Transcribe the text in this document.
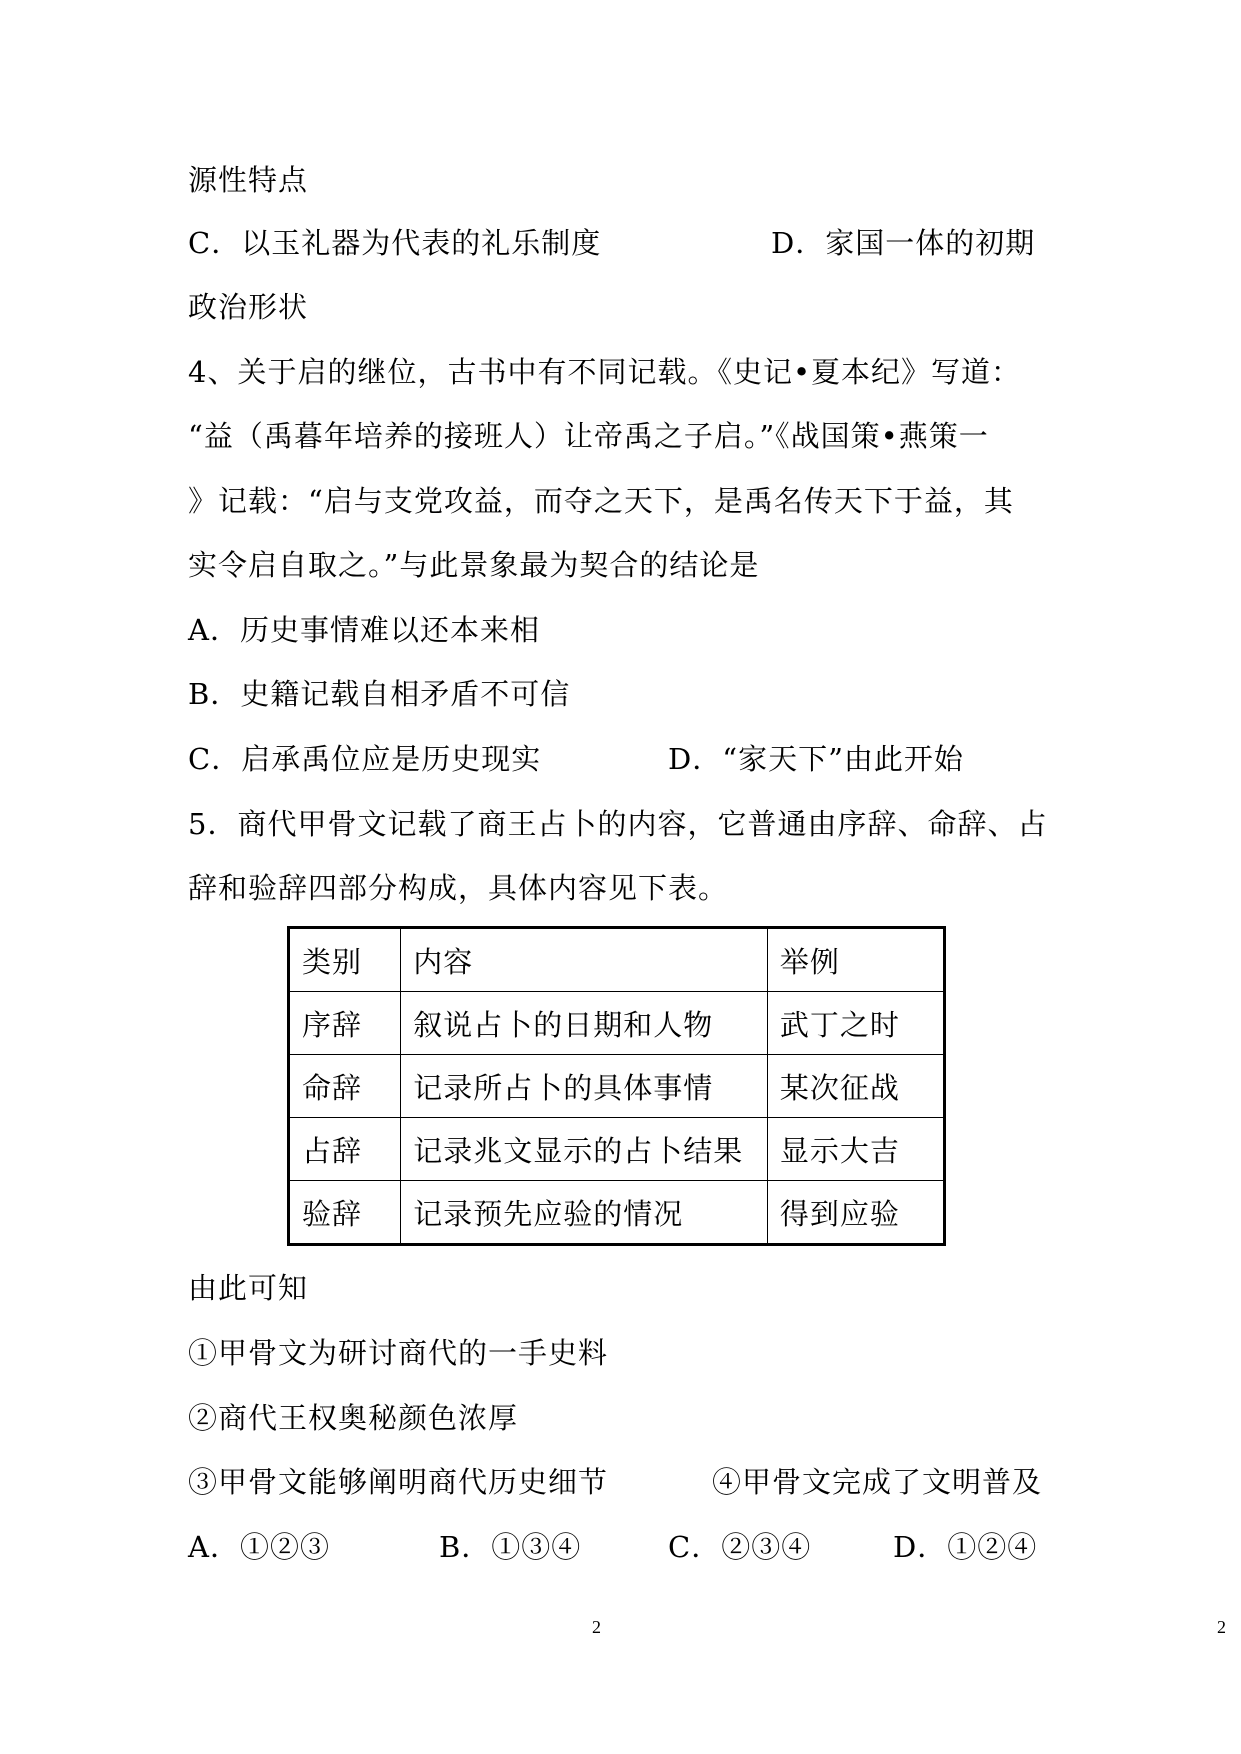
源性特点
C．以玉礼器为代表的礼乐制度	D．家国一体的初期
政治形状
4、关于启的继位，古书中有不同记载。《史记•夏本纪》写道：
“益（禹暮年培养的接班人）让帝禹之子启。”《战国策•燕策一
》记载：“启与支党攻益，而夺之天下，是禹名传天下于益，其
实令启自取之。”与此景象最为契合的结论是
A．历史事情难以还本来相
B．史籍记载自相矛盾不可信
C．启承禹位应是历史现实	D．“家天下”由此开始
5．商代甲骨文记载了商王占卜的内容，它普通由序辞、命辞、占
辞和验辞四部分构成，具体内容见下表。
类别	内容	举例
序辞	叙说占卜的日期和人物	武丁之时
命辞	记录所占卜的具体事情	某次征战
占辞	记录兆文显示的占卜结果	显示大吉
验辞	记录预先应验的情况	得到应验
由此可知
①甲骨文为研讨商代的一手史料
②商代王权奥秘颜色浓厚
③甲骨文能够阐明商代历史细节	④甲骨文完成了文明普及
A．①②③	B．①③④	C．②③④	D．①②④
2	2
